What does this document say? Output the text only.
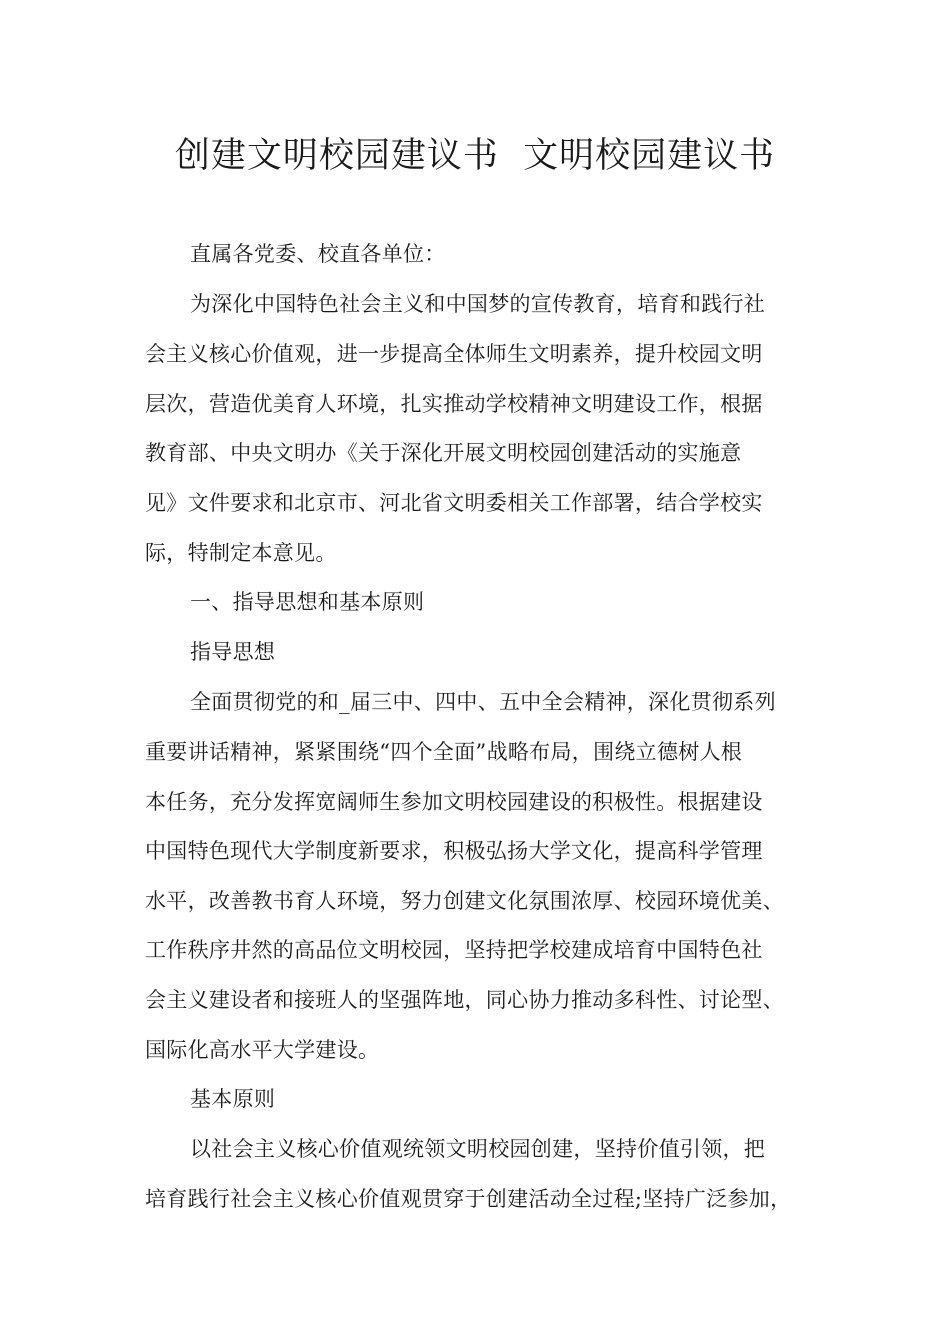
创建文明校园建议书  文明校园建议书
直属各党委、校直各单位：
为深化中国特色社会主义和中国梦的宣传教育，培育和践行社
会主义核心价值观，进一步提高全体师生文明素养，提升校园文明
层次，营造优美育人环境，扎实推动学校精神文明建设工作，根据
教育部、中央文明办《关于深化开展文明校园创建活动的实施意
见》文件要求和北京市、河北省文明委相关工作部署，结合学校实
际，特制定本意见。
一、指导思想和基本原则
指导思想
全面贯彻党的和_届三中、四中、五中全会精神，深化贯彻系列
重要讲话精神，紧紧围绕“四个全面”战略布局，围绕立德树人根
本任务，充分发挥宽阔师生参加文明校园建设的积极性。根据建设
中国特色现代大学制度新要求，积极弘扬大学文化，提高科学管理
水平，改善教书育人环境，努力创建文化氛围浓厚、校园环境优美、
工作秩序井然的高品位文明校园，坚持把学校建成培育中国特色社
会主义建设者和接班人的坚强阵地，同心协力推动多科性、讨论型、
国际化高水平大学建设。
基本原则
以社会主义核心价值观统领文明校园创建，坚持价值引领，把
培育践行社会主义核心价值观贯穿于创建活动全过程;坚持广泛参加，
